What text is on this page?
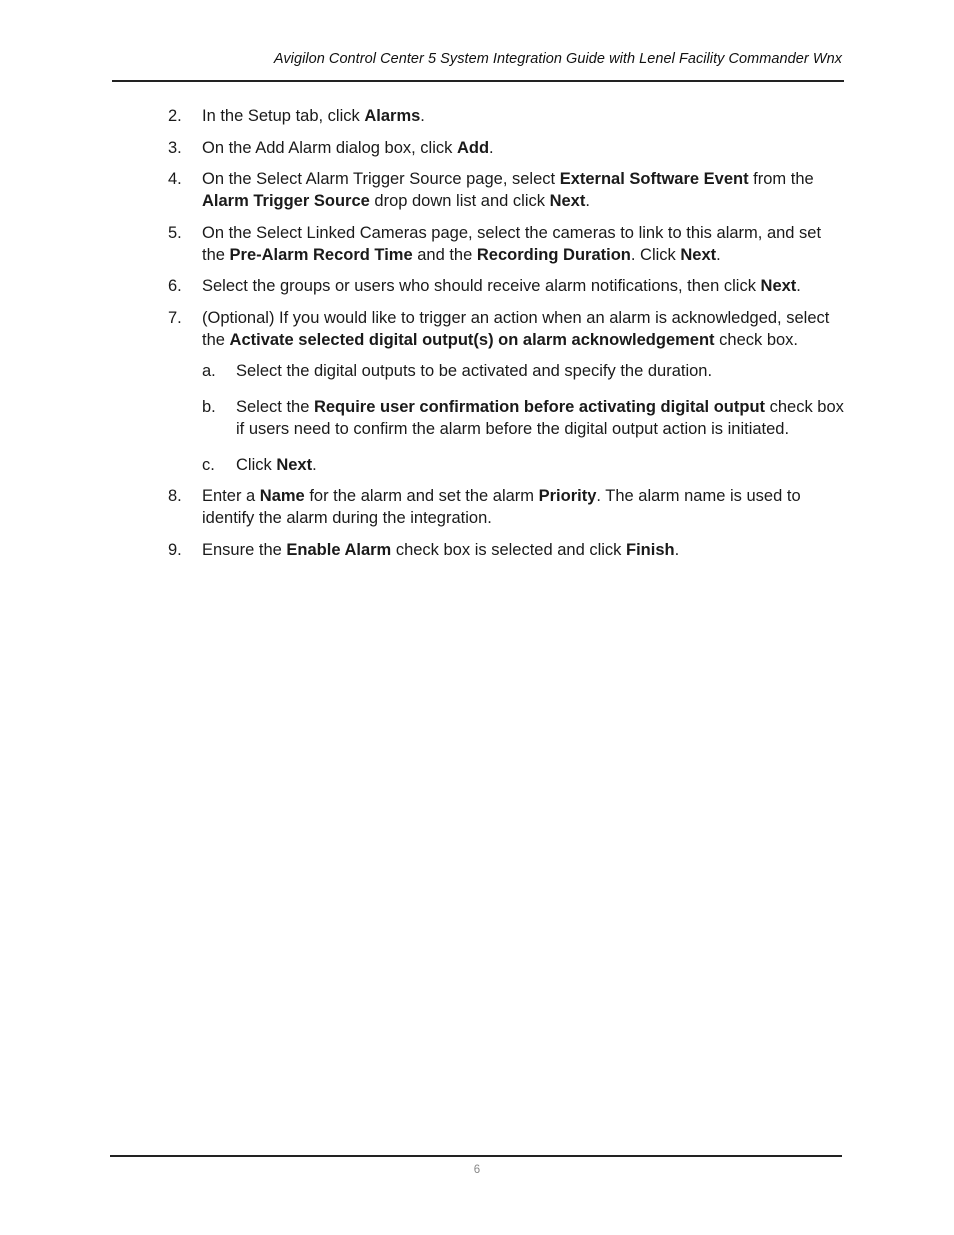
Avigilon Control Center 5 System Integration Guide with Lenel Facility Commander Wnx
2. In the Setup tab, click Alarms.
3. On the Add Alarm dialog box, click Add.
4. On the Select Alarm Trigger Source page, select External Software Event from the Alarm Trigger Source drop down list and click Next.
5. On the Select Linked Cameras page, select the cameras to link to this alarm, and set the Pre-Alarm Record Time and the Recording Duration. Click Next.
6. Select the groups or users who should receive alarm notifications, then click Next.
7. (Optional) If you would like to trigger an action when an alarm is acknowledged, select the Activate selected digital output(s) on alarm acknowledgement check box.
a. Select the digital outputs to be activated and specify the duration.
b. Select the Require user confirmation before activating digital output check box if users need to confirm the alarm before the digital output action is initiated.
c. Click Next.
8. Enter a Name for the alarm and set the alarm Priority. The alarm name is used to identify the alarm during the integration.
9. Ensure the Enable Alarm check box is selected and click Finish.
6
